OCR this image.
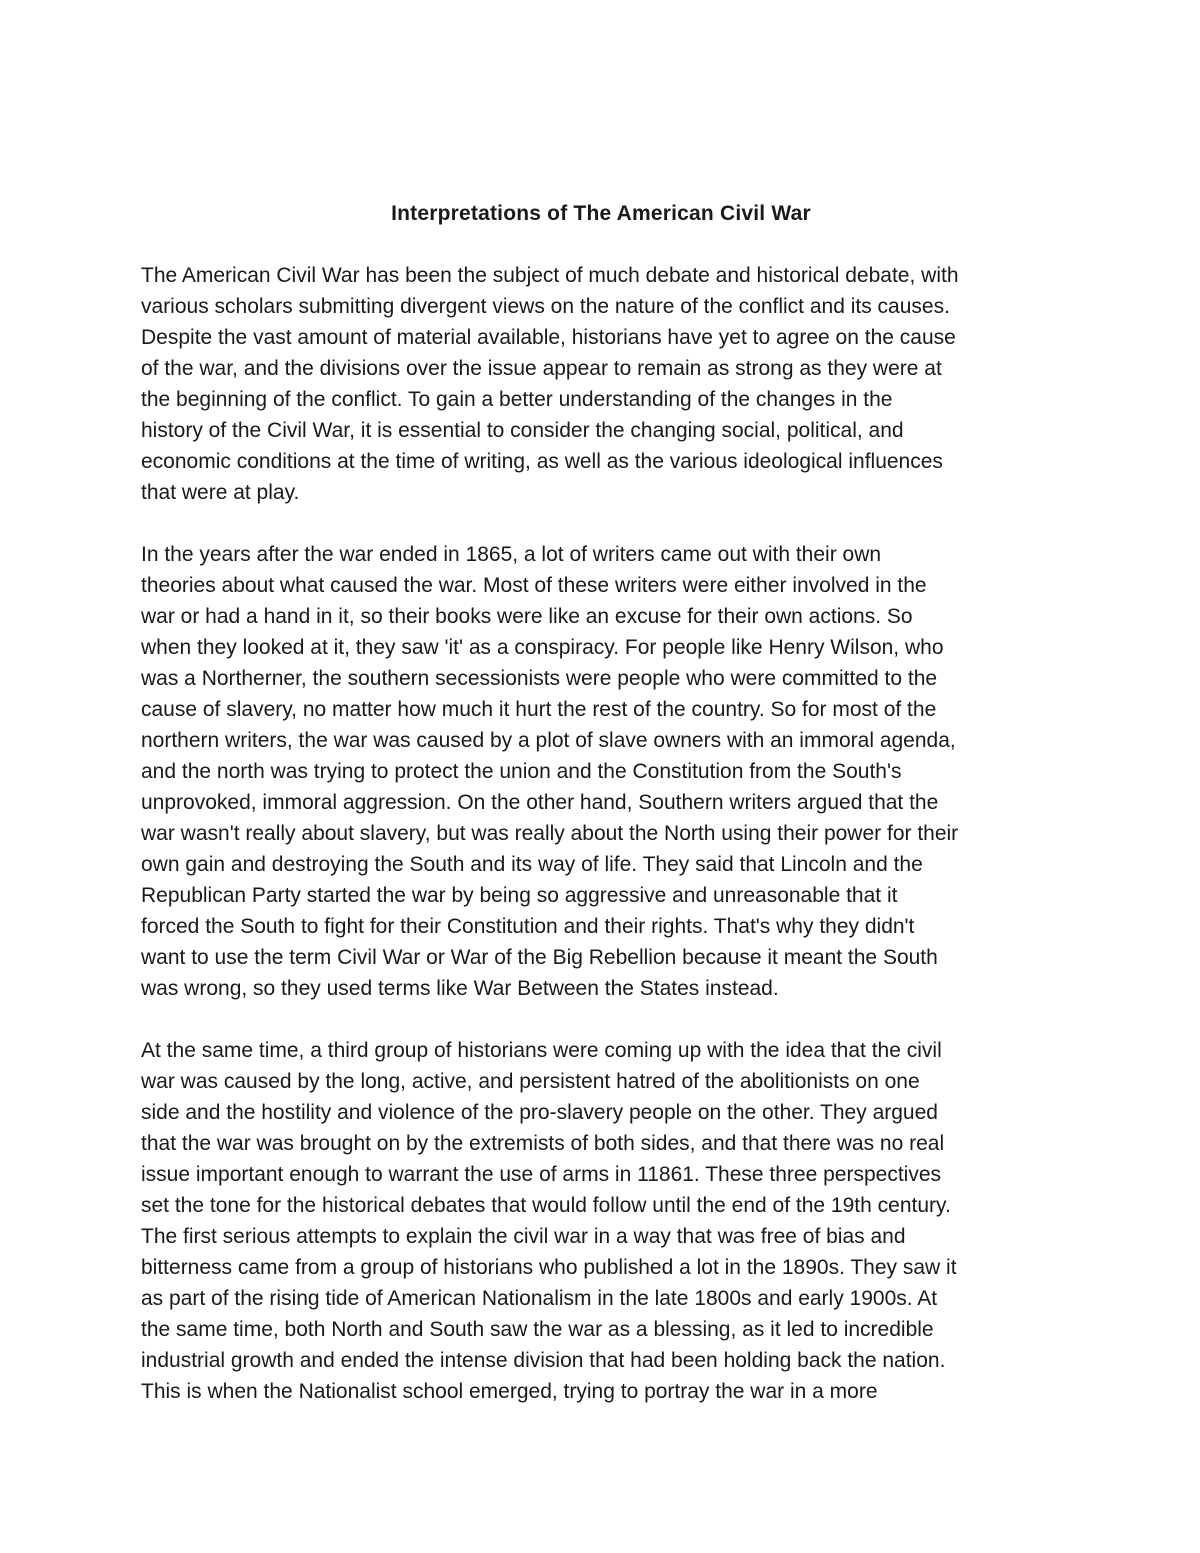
Interpretations of The American Civil War

The American Civil War has been the subject of much debate and historical debate, with
various scholars submitting divergent views on the nature of the conflict and its causes.
Despite the vast amount of material available, historians have yet to agree on the cause
of the war, and the divisions over the issue appear to remain as strong as they were at
the beginning of the conflict. To gain a better understanding of the changes in the
history of the Civil War, it is essential to consider the changing social, political, and
economic conditions at the time of writing, as well as the various ideological influences
that were at play.

In the years after the war ended in 1865, a lot of writers came out with their own
theories about what caused the war. Most of these writers were either involved in the
war or had a hand in it, so their books were like an excuse for their own actions. So
when they looked at it, they saw 'it' as a conspiracy. For people like Henry Wilson, who
was a Northerner, the southern secessionists were people who were committed to the
cause of slavery, no matter how much it hurt the rest of the country. So for most of the
northern writers, the war was caused by a plot of slave owners with an immoral agenda,
and the north was trying to protect the union and the Constitution from the South's
unprovoked, immoral aggression. On the other hand, Southern writers argued that the
war wasn't really about slavery, but was really about the North using their power for their
own gain and destroying the South and its way of life. They said that Lincoln and the
Republican Party started the war by being so aggressive and unreasonable that it
forced the South to fight for their Constitution and their rights. That's why they didn't
want to use the term Civil War or War of the Big Rebellion because it meant the South
was wrong, so they used terms like War Between the States instead.

At the same time, a third group of historians were coming up with the idea that the civil
war was caused by the long, active, and persistent hatred of the abolitionists on one
side and the hostility and violence of the pro-slavery people on the other. They argued
that the war was brought on by the extremists of both sides, and that there was no real
issue important enough to warrant the use of arms in 11861. These three perspectives
set the tone for the historical debates that would follow until the end of the 19th century.
The first serious attempts to explain the civil war in a way that was free of bias and
bitterness came from a group of historians who published a lot in the 1890s. They saw it
as part of the rising tide of American Nationalism in the late 1800s and early 1900s. At
the same time, both North and South saw the war as a blessing, as it led to incredible
industrial growth and ended the intense division that had been holding back the nation.
This is when the Nationalist school emerged, trying to portray the war in a more
